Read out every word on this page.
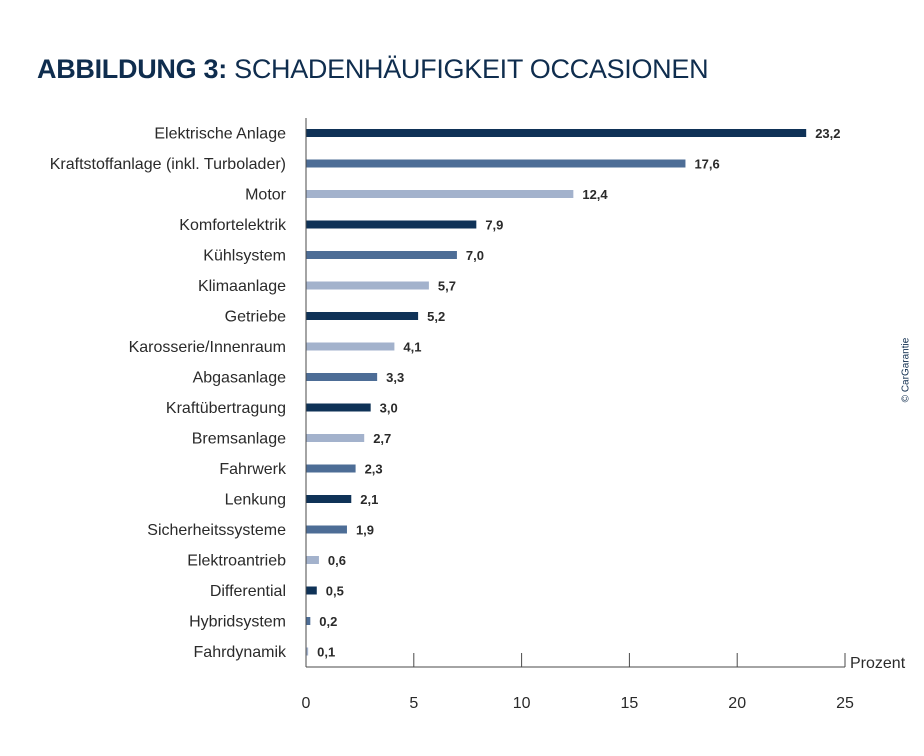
ABBILDUNG 3: SCHADENHÄUFIGKEIT OCCASIONEN
Elektrische Anlage	23,2
Kraftstoffanlage (inkl. Turbolader)	17,6
Motor	12,4
Komfortelektrik	7,9
Kühlsystem	7,0
Klimaanlage	5,7
Getriebe	5,2
Karosserie/Innenraum	4,1
Abgasanlage	3,3
Kraftübertragung	3,0
Bremsanlage	2,7
Fahrwerk	2,3
Lenkung	2,1
Sicherheitssysteme	1,9
Elektroantrieb	0,6
Differential	0,5
Hybridsystem	0,2
Fahrdynamik 0,1
0	5	10	15	20	25
Prozent
© CarGarantie
